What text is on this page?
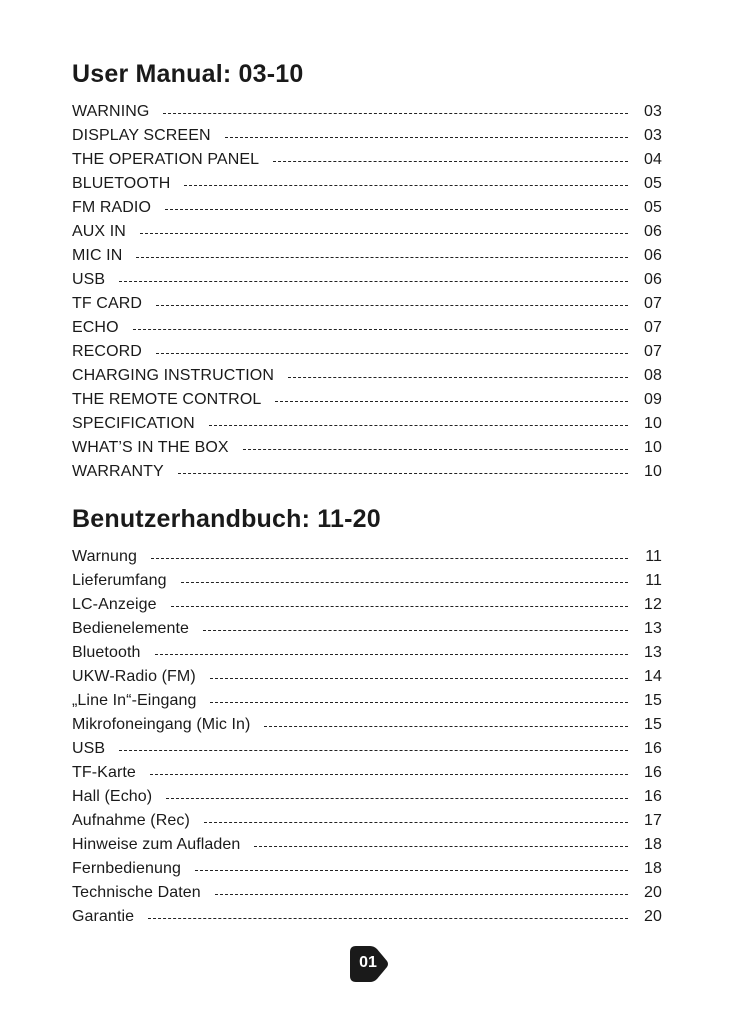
User Manual: 03-10
WARNING	03
DISPLAY SCREEN	03
THE OPERATION PANEL	04
BLUETOOTH	05
FM RADIO	05
AUX IN	06
MIC IN	06
USB	06
TF CARD	07
ECHO	07
RECORD	07
CHARGING INSTRUCTION	08
THE REMOTE CONTROL	09
SPECIFICATION	10
WHAT’S IN THE BOX	10
WARRANTY	10
Benutzerhandbuch: 11-20
Warnung	11
Lieferumfang	11
LC-Anzeige	12
Bedienelemente	13
Bluetooth	13
UKW-Radio (FM)	14
„Line In“-Eingang	15
Mikrofoneingang (Mic In)	15
USB	16
TF-Karte	16
Hall (Echo)	16
Aufnahme (Rec)	17
Hinweise zum Aufladen	18
Fernbedienung	18
Technische Daten	20
Garantie	20
01
